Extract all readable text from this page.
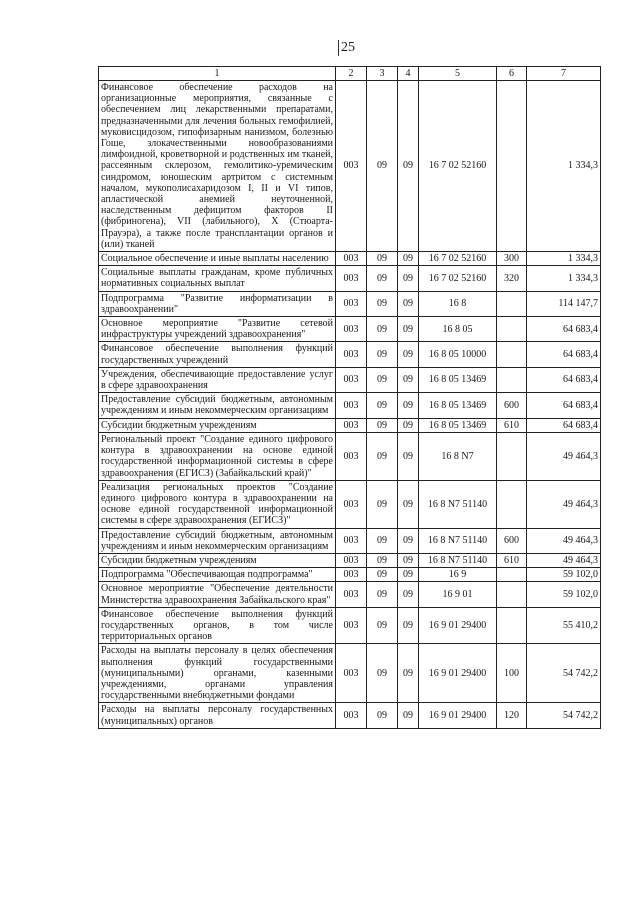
25
1	2	3	4	5	6	7
Финансовое обеспечение расходов на организационные мероприятия, связанные с обеспечением лиц лекарственными препаратами, предназначенными для лечения больных гемофилией, муковисцидозом, гипофизарным нанизмом, болезнью Гоше, злокачественными новообразованиями лимфоидной, кроветворной и родственных им тканей, рассеянным склерозом, гемолитико-уремическим синдромом, юношеским артритом с системным началом, мукополисахаридозом I, II и VI типов, апластической анемией неуточненной, наследственным дефицитом факторов II (фибриногена), VII (лабильного), X (Стюарта-Прауэра), а также после трансплантации органов и (или) тканей	003	09	09	16 7 02 52160		1 334,3
Социальное обеспечение и иные выплаты населению	003	09	09	16 7 02 52160	300	1 334,3
Социальные выплаты гражданам, кроме публичных нормативных социальных выплат	003	09	09	16 7 02 52160	320	1 334,3
Подпрограмма "Развитие информатизации в здравоохранении"	003	09	09	16 8		114 147,7
Основное мероприятие "Развитие сетевой инфраструктуры учреждений здравоохранения"	003	09	09	16 8 05		64 683,4
Финансовое обеспечение выполнения функций государственных учреждений	003	09	09	16 8 05 10000		64 683,4
Учреждения, обеспечивающие предоставление услуг в сфере здравоохранения	003	09	09	16 8 05 13469		64 683,4
Предоставление субсидий бюджетным, автономным учреждениям и иным некоммерческим организациям	003	09	09	16 8 05 13469	600	64 683,4
Субсидии бюджетным учреждениям	003	09	09	16 8 05 13469	610	64 683,4
Региональный проект "Создание единого цифрового контура в здравоохранении на основе единой государственной информационной системы в сфере здравоохранения (ЕГИСЗ) (Забайкальский край)"	003	09	09	16 8 N7		49 464,3
Реализация региональных проектов "Создание единого цифрового контура в здравоохранении на основе единой государственной информационной системы в сфере здравоохранения (ЕГИСЗ)"	003	09	09	16 8 N7 51140		49 464,3
Предоставление субсидий бюджетным, автономным учреждениям и иным некоммерческим организациям	003	09	09	16 8 N7 51140	600	49 464,3
Субсидии бюджетным учреждениям	003	09	09	16 8 N7 51140	610	49 464,3
Подпрограмма "Обеспечивающая подпрограмма"	003	09	09	16 9		59 102,0
Основное мероприятие "Обеспечение деятельности Министерства здравоохранения Забайкальского края"	003	09	09	16 9 01		59 102,0
Финансовое обеспечение выполнения функций государственных органов, в том числе территориальных органов	003	09	09	16 9 01 29400		55 410,2
Расходы на выплаты персоналу в целях обеспечения выполнения функций государственными (муниципальными) органами, казенными учреждениями, органами управления государственными внебюджетными фондами	003	09	09	16 9 01 29400	100	54 742,2
Расходы на выплаты персоналу государственных (муниципальных) органов	003	09	09	16 9 01 29400	120	54 742,2
